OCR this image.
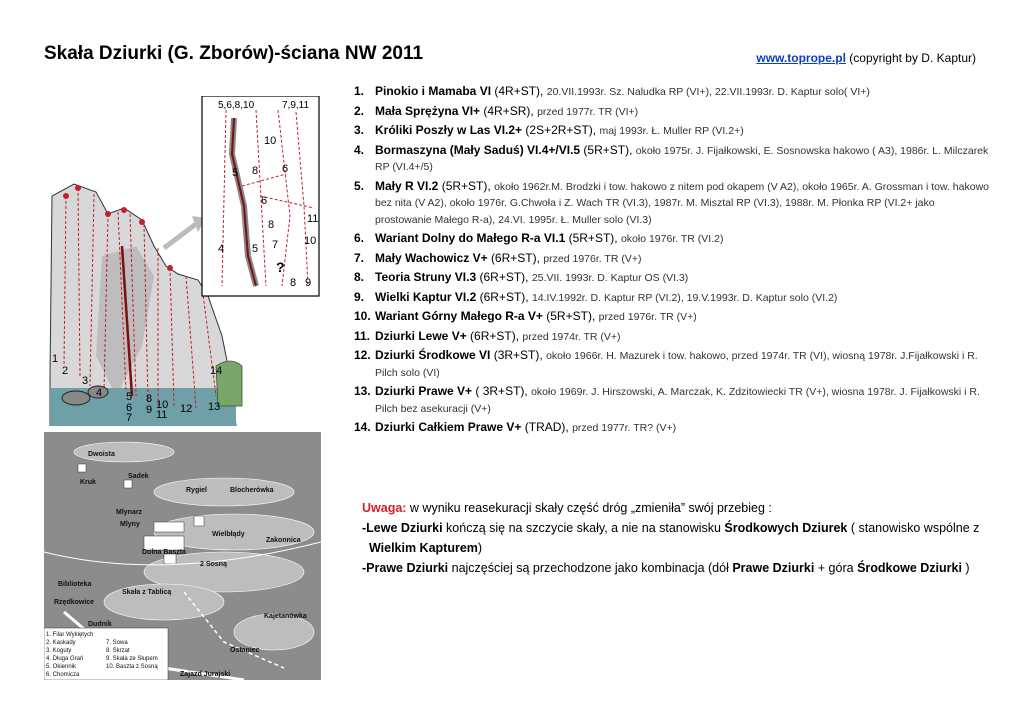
Skała Dziurki (G. Zborów)-ściana NW 2011	www.toprope.pl (copyright by D. Kaptur)
5,6,8,10	7,9,11
10
5 8 6
6
8
4	5 7
11
10
?
8 9
1
2
3
4 5
6
7
8
9 10
11 12 13
14
1. Pinokio i Mamaba VI (4R+ST), 20.VII.1993r. Sz. Naludka RP (VI+), 22.VII.1993r. D. Kaptur solo( VI+)
2. Mała Sprężyna VI+ (4R+SR), przed 1977r. TR (VI+)
3. Króliki Poszły w Las VI.2+ (2S+2R+ST), maj 1993r. Ł. Muller RP (VI.2+)
4. Bormaszyna (Mały Saduś) VI.4+/VI.5 (5R+ST), około 1975r. J. Fijałkowski, E. Sosnowska hakowo ( A3), 1986r. L. Milczarek RP (VI.4+/5)
5. Mały R VI.2 (5R+ST), około 1962r.M. Brodzki i tow. hakowo z nitem pod okapem (V A2), około 1965r. A. Grossman i tow. hakowo bez nita (V A2), około 1976r. G.Chwoła i Z. Wach TR (VI.3), 1987r. M. Misztal RP (VI.3), 1988r. M. Płonka RP (VI.2+ jako prostowanie Małego R-a), 24.VI. 1995r. Ł. Muller solo (VI.3)
6. Wariant Dolny do Małego R-a VI.1 (5R+ST), około 1976r. TR (VI.2)
7. Mały Wachowicz V+ (6R+ST), przed 1976r. TR (V+)
8. Teoria Struny VI.3 (6R+ST), 25.VII. 1993r. D. Kaptur OS (VI.3)
9. Wielki Kaptur VI.2 (6R+ST), 14.IV.1992r. D. Kaptur RP (VI.2), 19.V.1993r. D. Kaptur solo (VI.2)
10. Wariant Górny Małego R-a V+ (5R+ST), przed 1976r. TR (V+)
11. Dziurki Lewe V+ (6R+ST), przed 1974r. TR (V+)
12. Dziurki Środkowe VI (3R+ST), około 1966r. H. Mazurek i tow. hakowo, przed 1974r. TR (VI), wiosną 1978r. J.Fijałkowski i R. Pilch solo (VI)
13. Dziurki Prawe V+ ( 3R+ST), około 1969r. J. Hirszowski, A. Marczak, K. Zdzitowiecki TR (V+), wiosna 1978r. J. Fijałkowski i R. Pilch bez asekuracji (V+)
14. Dziurki Całkiem Prawe V+ (TRAD), przed 1977r. TR? (V+)
Dwoista
Sadek
Kruk
Rygiel	Blocherówka
Mlynarz
Mlyny
Wielbłądy
Zakonnica
Dolna Baszta
2 Sosną
Biblioteka
Rzędkowice
Skała z Tablicą
Kajetanówka
Dudnik
Ostaniec
Zajazd Jurajski
1. Filar Wyklętych
2. Kaskady
3. Koguty
4. Długa Grań
5. Okiennik
6. Chomicza
7. Sowa
8. Skrzat
9. Skała ze Słupem
10. Baszta z Sosną
Uwaga: w wyniku reasekuracji skały część dróg „zmieniła” swój przebieg :
-Lewe Dziurki kończą się na szczycie skały, a nie na stanowisku Środkowych Dziurek ( stanowisko wspólne z
Wielkim Kapturem)
-Prawe Dziurki najczęściej są przechodzone jako kombinacja (dół Prawe Dziurki + góra Środkowe Dziurki )
